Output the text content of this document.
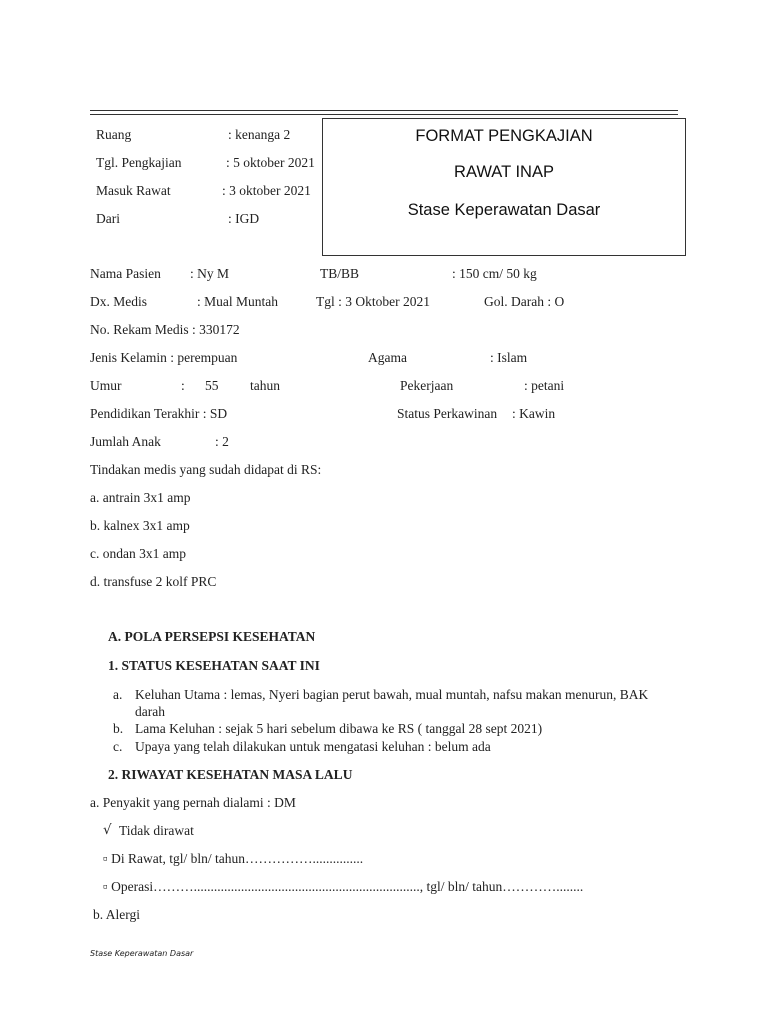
Ruang	: kenanga 2
Tgl. Pengkajian	: 5 oktober 2021
Masuk Rawat	: 3 oktober 2021
Dari	: IGD
FORMAT PENGKAJIAN
RAWAT INAP
Stase Keperawatan Dasar
Nama Pasien : Ny M	TB/BB	: 150 cm/ 50 kg
Dx. Medis	: Mual Muntah	Tgl : 3 Oktober 2021	Gol. Darah : O
No. Rekam Medis : 330172
Jenis Kelamin : perempuan	Agama	: Islam
Umur	: 55 tahun	Pekerjaan	: petani
Pendidikan Terakhir : SD	Status Perkawinan : Kawin
Jumlah Anak	: 2
Tindakan medis yang sudah didapat di RS:
a. antrain 3x1 amp
b. kalnex 3x1 amp
c. ondan 3x1 amp
d. transfuse 2 kolf PRC
A. POLA PERSEPSI KESEHATAN
1. STATUS KESEHATAN SAAT INI
a. Keluhan Utama : lemas, Nyeri bagian perut bawah, mual muntah, nafsu makan menurun, BAK
darah
b. Lama Keluhan : sejak 5 hari sebelum dibawa ke RS ( tanggal 28 sept 2021)
c. Upaya yang telah dilakukan untuk mengatasi keluhan : belum ada
2. RIWAYAT KESEHATAN MASA LALU
a. Penyakit yang pernah dialami : DM
√ Tidak dirawat
▫ Di Rawat, tgl/ bln/ tahun……………...............
▫ Operasi………..................................................................., tgl/ bln/ tahun…………........
b. Alergi
Stase Keperawatan Dasar
